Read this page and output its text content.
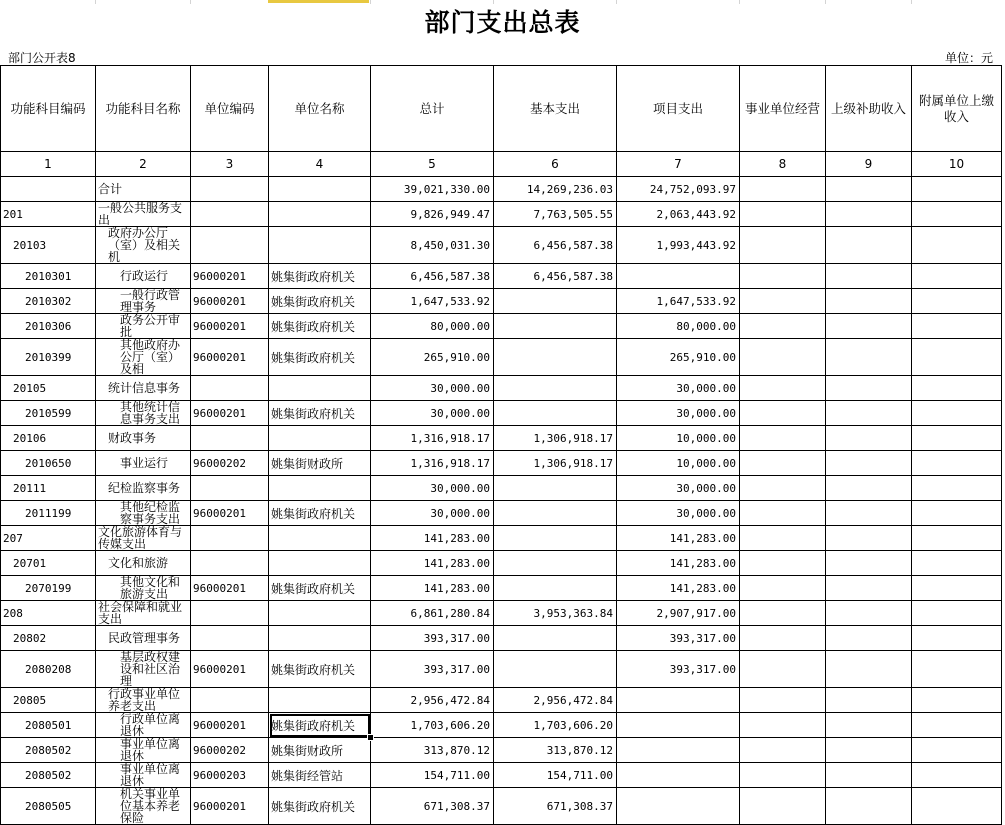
部门支出总表
部门公开表8	单位：元
功能科目编码	功能科目名称	单位编码	单位名称	总计	基本支出	项目支出	事业单位经营	上级补助收入	附属单位上缴收入
1	2	3	4	5	6	7	8	9	10
	合计			39,021,330.00	14,269,236.03	24,752,093.97			
201	一般公共服务支出			9,826,949.47	7,763,505.55	2,063,443.92			
20103	政府办公厅（室）及相关机			8,450,031.30	6,456,587.38	1,993,443.92			
2010301	行政运行	96000201	姚集街政府机关	6,456,587.38	6,456,587.38				
2010302	一般行政管理事务	96000201	姚集街政府机关	1,647,533.92		1,647,533.92			
2010306	政务公开审批	96000201	姚集街政府机关	80,000.00		80,000.00			
2010399	其他政府办公厅（室）及相	96000201	姚集街政府机关	265,910.00		265,910.00			
20105	统计信息事务			30,000.00		30,000.00			
2010599	其他统计信息事务支出	96000201	姚集街政府机关	30,000.00		30,000.00			
20106	财政事务			1,316,918.17	1,306,918.17	10,000.00			
2010650	事业运行	96000202	姚集街财政所	1,316,918.17	1,306,918.17	10,000.00			
20111	纪检监察事务			30,000.00		30,000.00			
2011199	其他纪检监察事务支出	96000201	姚集街政府机关	30,000.00		30,000.00			
207	文化旅游体育与传媒支出			141,283.00		141,283.00			
20701	文化和旅游			141,283.00		141,283.00			
2070199	其他文化和旅游支出	96000201	姚集街政府机关	141,283.00		141,283.00			
208	社会保障和就业支出			6,861,280.84	3,953,363.84	2,907,917.00			
20802	民政管理事务			393,317.00		393,317.00			
2080208	基层政权建设和社区治理	96000201	姚集街政府机关	393,317.00		393,317.00			
20805	行政事业单位养老支出			2,956,472.84	2,956,472.84				
2080501	行政单位离退休	96000201	姚集街政府机关	1,703,606.20	1,703,606.20				
2080502	事业单位离退休	96000202	姚集街财政所	313,870.12	313,870.12				
2080502	事业单位离退休	96000203	姚集街经管站	154,711.00	154,711.00				
2080505	机关事业单位基本养老保险	96000201	姚集街政府机关	671,308.37	671,308.37				
